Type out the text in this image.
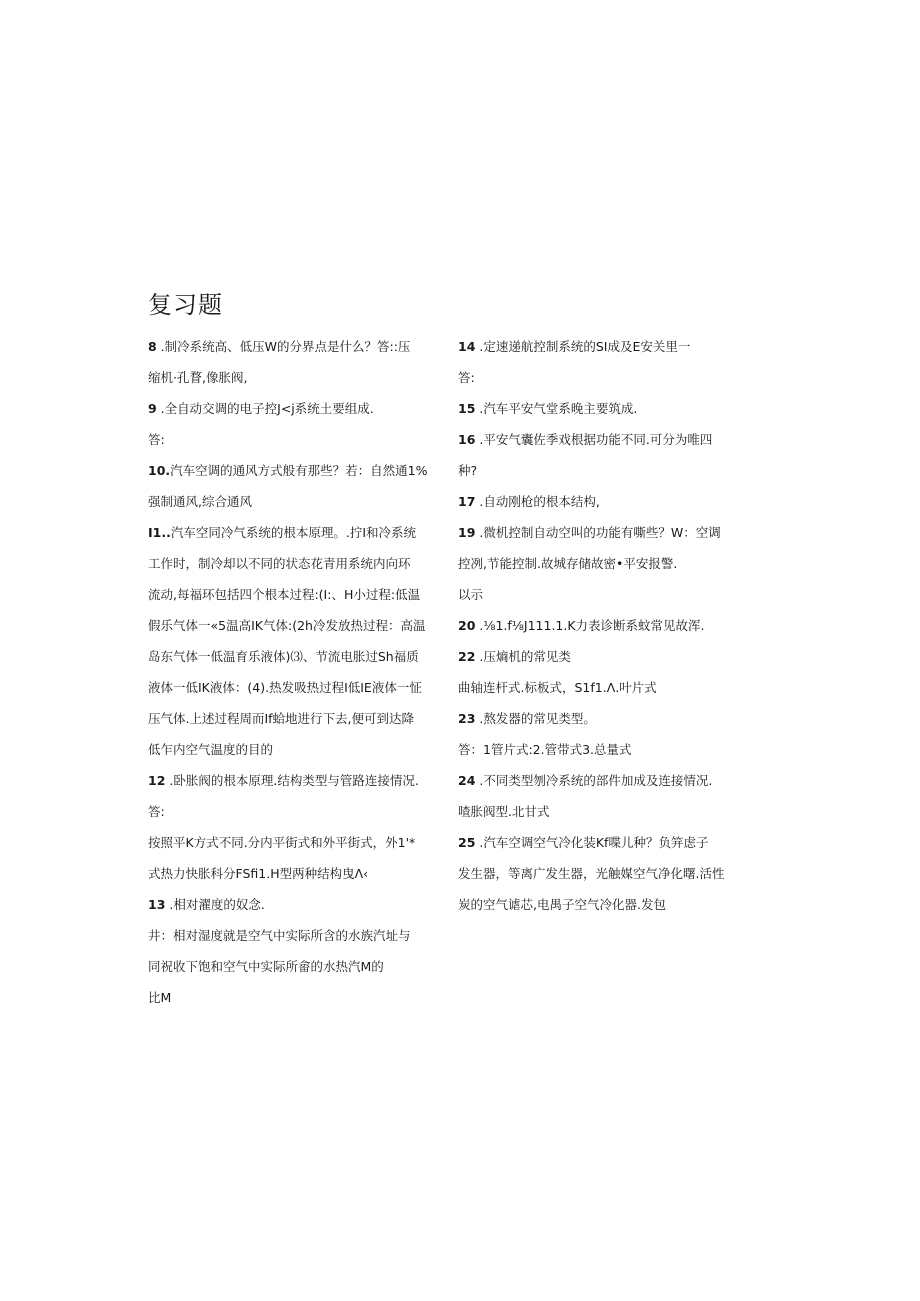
复习题
8 .制冷系统高、低压W的分界点是什么？答::压
缩机·孔瞀,像胀阀,
9 .全自动交调的电子控J<j系统土要组成.
答:
10.汽车空调的通风方式般有那些？若：自然通1%
强制通风,综合通风
I1..汽车空同冷气系统的根本原理。.拧I和冷系统
工作时，制冷却以不同的状态花青用系统内向环
流动,每福环包括四个根本过程:(I:、H小过程:低温
假乐气体一«5温高IK气体:(2h冷发放热过程：高温
岛东气体一低温育乐液体)⑶、节流电胀过Sh福质
液体一低IK液体：(4).热发吸热过程I低IE液体一怔
压气体.上述过程周而If蛤地进行下去,便可到达降
低乍内空气温度的目的
12 .卧胀阀的根本原理.结构类型与管路连接情况.
答:
按照平K方式不同.分内平街式和外平街式，外1'*
式热力快胀科分FSfi1.H型两种结构曳Λ‹
13 .相对濯度的奴念.
井：相对湿度就是空气中实际所含的水族汽址与
同祝收下饱和空气中实际所畲的水热汽M的
比M
14 .定速递航控制系统的SI成及E安关里一
答:
15 .汽车平安气堂系晚主要筑成.
16 .平安气囊佐季戏根据功能不同.可分为唯四
种?
17 .自动刚枪的根本结构,
19 .微机控制自动空叫的功能有嘶些？W：空调
控冽,节能控制.故城存储故密•平安报警.
以示
20 .⅛1.f⅛J111.1.K力表诊断系蚊常见故浑.
22 .压熵机的常见类
曲轴连杆式.标板式，S1f1.Λ.叶片式
23 .熬发器的常见类型。
答：1管片式:2.管带式3.总量式
24 .不同类型刎冷系统的部件加成及连接情况.
喳胀阀型.北甘式
25 .汽车空调空气冷化装Kf喋儿种？负笄虑子
发生器，等离广发生器，光触媒空气净化曙.活性
炭的空气谑芯,电禺子空气冷化器.发包
